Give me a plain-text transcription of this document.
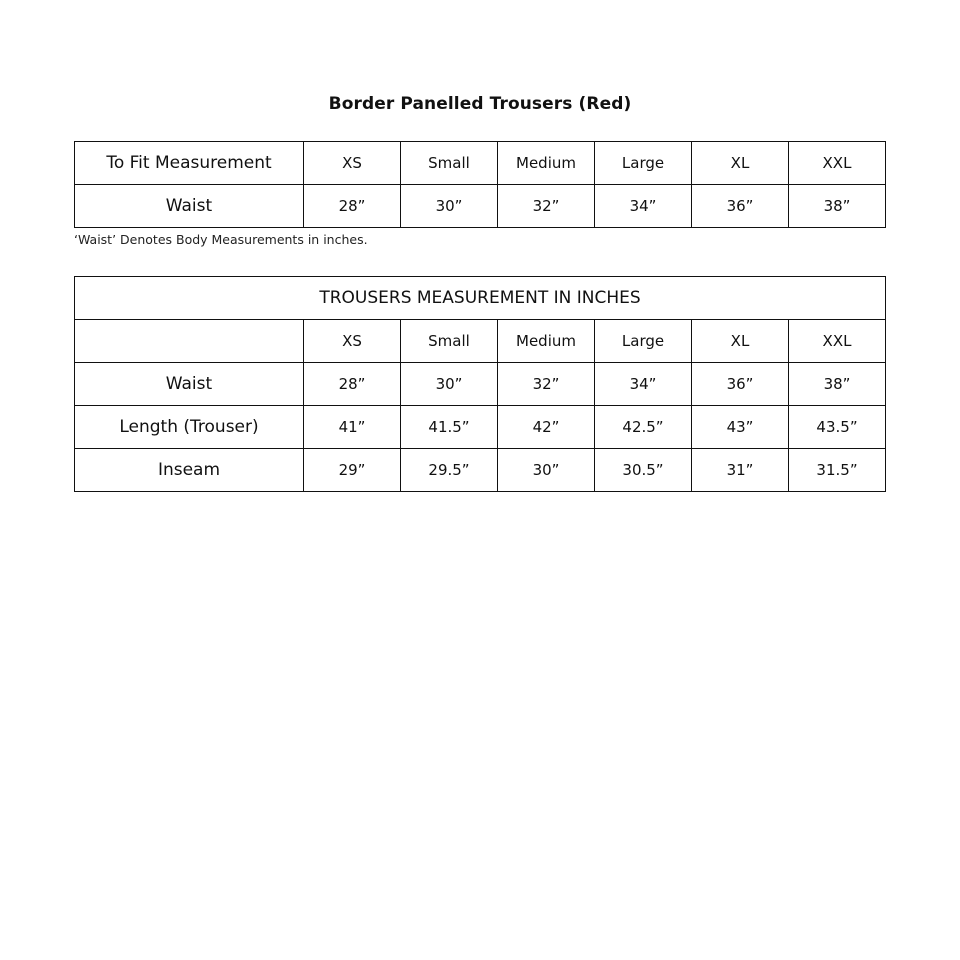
Border Panelled Trousers (Red)
To Fit Measurement	XS	Small	Medium	Large	XL	XXL
Waist	28”	30”	32”	34”	36”	38”
‘Waist’ Denotes Body Measurements in inches.
TROUSERS MEASUREMENT IN INCHES						
	XS	Small	Medium	Large	XL	XXL
Waist	28”	30”	32”	34”	36”	38”
Length (Trouser)	41”	41.5”	42”	42.5”	43”	43.5”
Inseam	29”	29.5”	30”	30.5”	31”	31.5”
